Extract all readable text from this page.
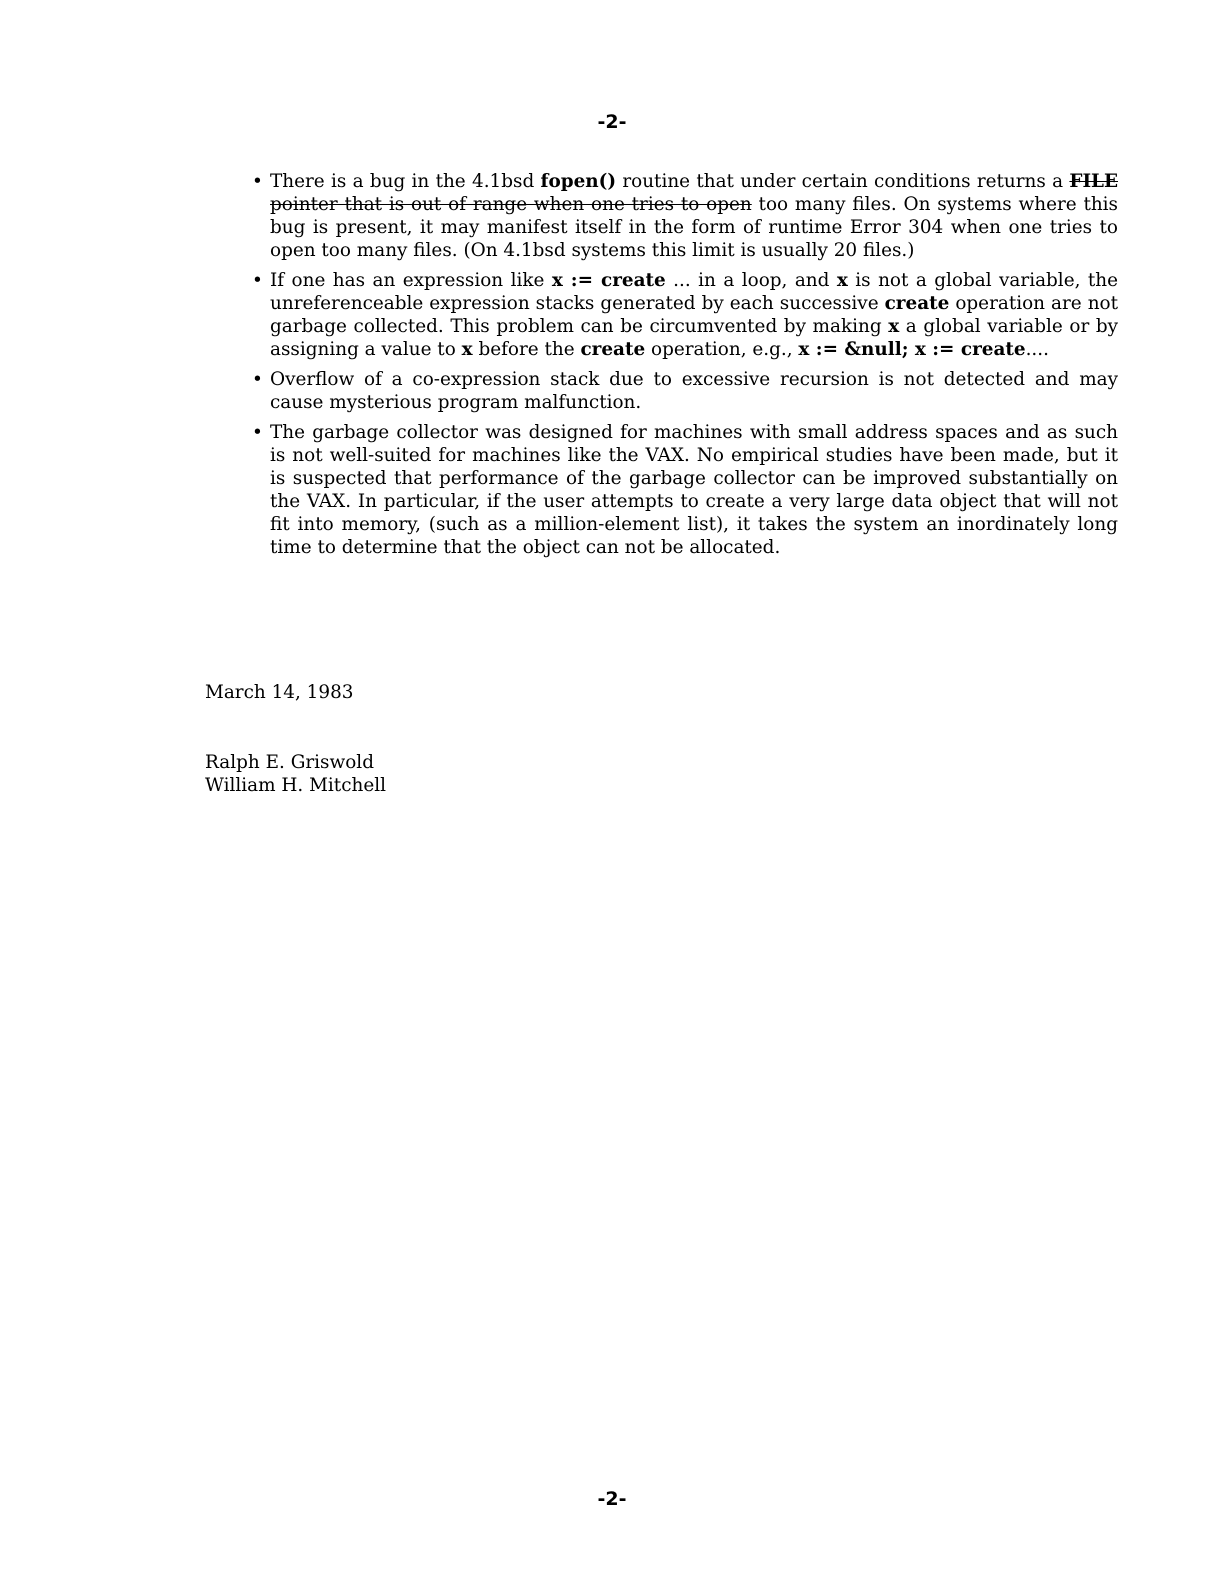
-2-
• There is a bug in the 4.1bsd fopen() routine that under certain conditions returns a FILE pointer that is out of range when one tries to open too many files. On systems where this bug is present, it may manifest itself in the form of runtime Error 304 when one tries to open too many files. (On 4.1bsd systems this limit is usually 20 files.)
• If one has an expression like x := create ... in a loop, and x is not a global variable, the unreferenceable expression stacks generated by each successive create operation are not garbage collected. This problem can be circumvented by making x a global variable or by assigning a value to x before the create operation, e.g., x := &null; x := create....
• Overflow of a co-expression stack due to excessive recursion is not detected and may cause mysterious program malfunction.
• The garbage collector was designed for machines with small address spaces and as such is not well-suited for machines like the VAX. No empirical studies have been made, but it is suspected that performance of the garbage collector can be improved substantially on the VAX. In particular, if the user attempts to create a very large data object that will not fit into memory, (such as a million-element list), it takes the system an inordinately long time to determine that the object can not be allocated.
March 14, 1983
Ralph E. Griswold
William H. Mitchell
-2-
